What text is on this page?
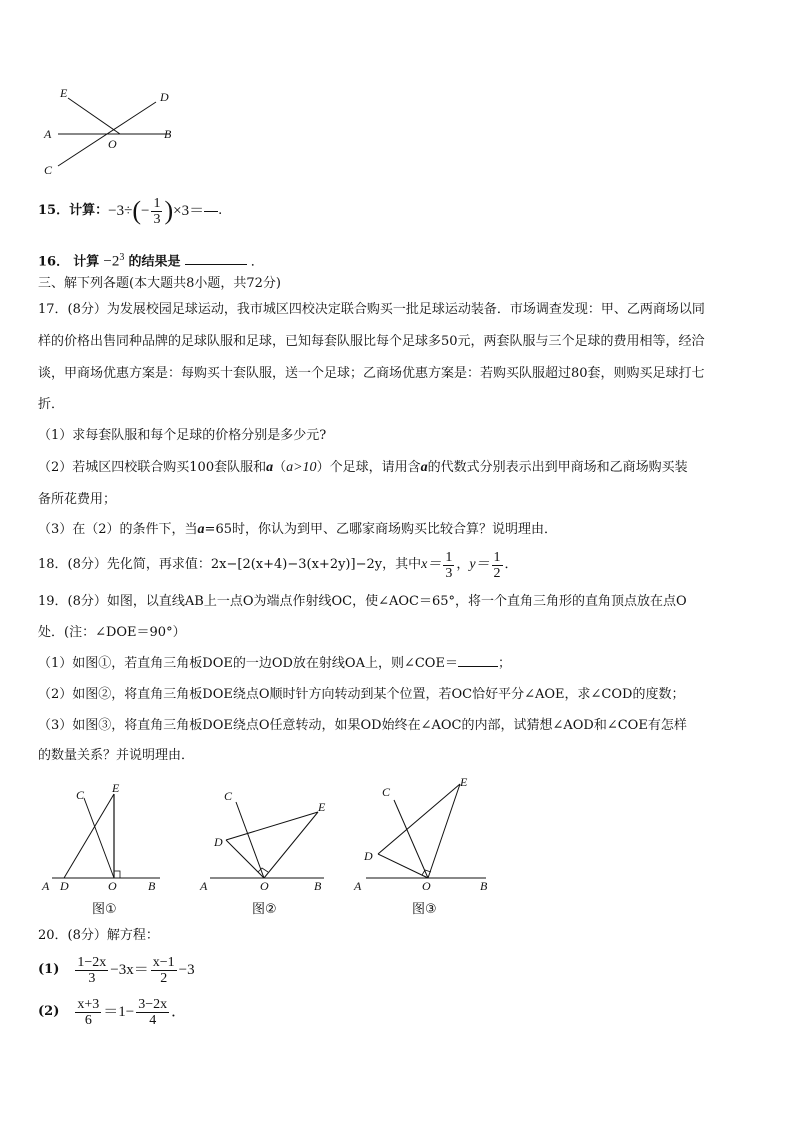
E	D
A	B
O
C
15． 计算： −3÷ ( − $\frac{1}{3}$ ) ×3＝ .
16． 计算 $-2^3$ 的结果是	．
三、解下列各题(本大题共8小题，共72分)
17．(8分）为发展校园足球运动，我市城区四校决定联合购买一批足球运动装备．市场调查发现：甲、乙两商场以同
样的价格出售同种品牌的足球队服和足球，已知每套队服比每个足球多50元，两套队服与三个足球的费用相等，经洽
谈，甲商场优惠方案是：每购买十套队服，送一个足球；乙商场优惠方案是：若购买队服超过80套，则购买足球打七
折．
（1）求每套队服和每个足球的价格分别是多少元?
（2）若城区四校联合购买100套队服和a（a>10）个足球，请用含a的代数式分别表示出到甲商场和乙商场购买装
备所花费用；
（3）在（2）的条件下，当a=65时，你认为到甲、乙哪家商场购买比较合算？说明理由．
18．(8分）先化简，再求值：2x−[2(x+4)−3(x+2y)]−2y，其中 $x= \frac{1}{3}$ ， $y= \frac{1}{2}$ ．
19．(8分）如图，以直线AB上一点O为端点作射线OC，使∠AOC＝65°，将一个直角三角形的直角顶点放在点O
处．(注：∠DOE＝90°）
（1）如图①，若直角三角板DOE的一边OD放在射线OA上，则∠COE＝	；
（2）如图②，将直角三角板DOE绕点O顺时针方向转动到某个位置，若OC恰好平分∠AOE，求∠COD的度数；
（3）如图③，将直角三角板DOE绕点O任意转动，如果OD始终在∠AOC的内部，试猜想∠AOD和∠COE有怎样
的数量关系？并说明理由．
C E
D	O
A	B
图①
C
E
D
O
A	B
图②
C
E
D
O
A	B
图③
20．(8分）解方程：
$(1) \frac{1-2x}{3} -3x= \frac{x-1}{2} -3$
$(2) \frac{x+3}{6} =1- \frac{3-2x}{4}$ ．
